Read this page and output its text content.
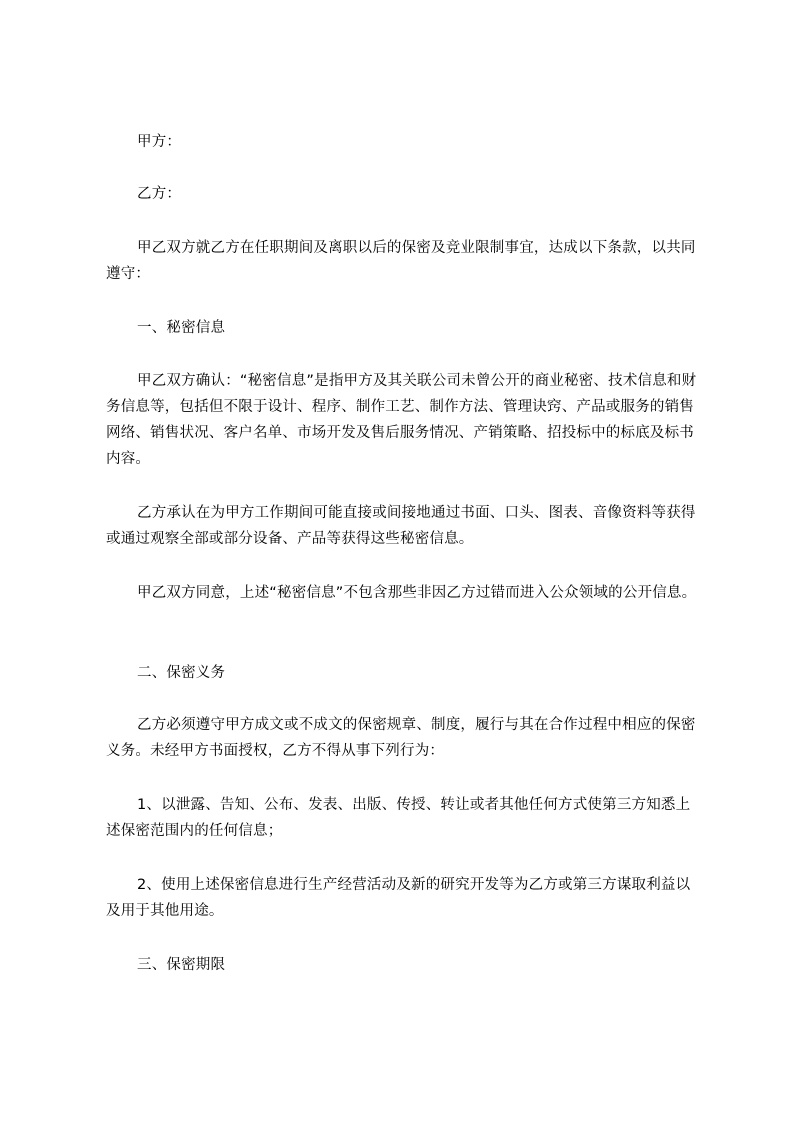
甲方：

乙方：

甲乙双方就乙方在任职期间及离职以后的保密及竞业限制事宜，达成以下条款，以共同遵守：

一、秘密信息

甲乙双方确认：“秘密信息”是指甲方及其关联公司未曾公开的商业秘密、技术信息和财务信息等，包括但不限于设计、程序、制作工艺、制作方法、管理诀窍、产品或服务的销售网络、销售状况、客户名单、市场开发及售后服务情况、产销策略、招投标中的标底及标书内容。

乙方承认在为甲方工作期间可能直接或间接地通过书面、口头、图表、音像资料等获得或通过观察全部或部分设备、产品等获得这些秘密信息。

甲乙双方同意，上述“秘密信息”不包含那些非因乙方过错而进入公众领域的公开信息。

二、保密义务

乙方必须遵守甲方成文或不成文的保密规章、制度，履行与其在合作过程中相应的保密义务。未经甲方书面授权，乙方不得从事下列行为：

1、以泄露、告知、公布、发表、出版、传授、转让或者其他任何方式使第三方知悉上述保密范围内的任何信息；

2、使用上述保密信息进行生产经营活动及新的研究开发等为乙方或第三方谋取利益以及用于其他用途。

三、保密期限
